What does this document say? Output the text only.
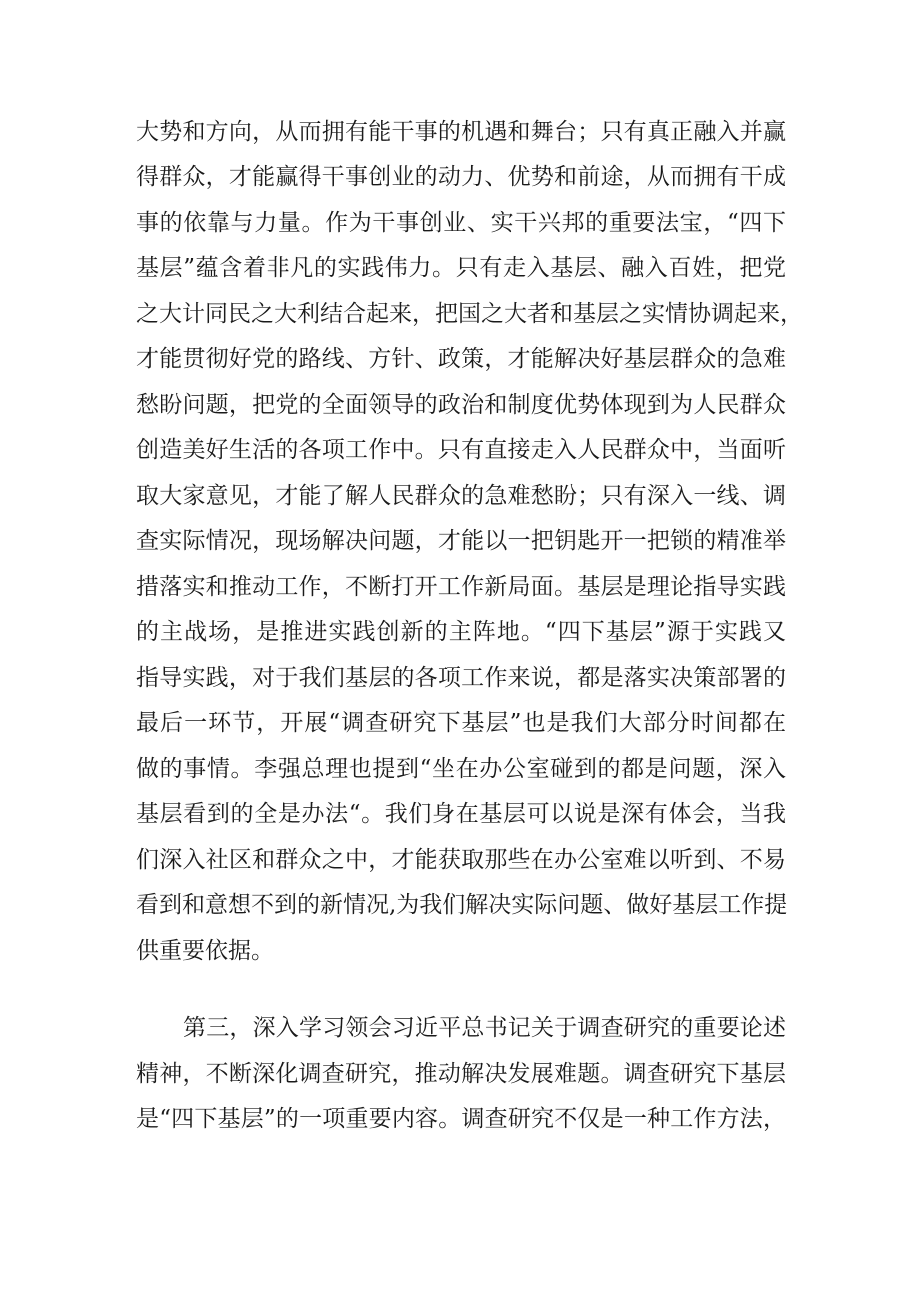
大势和方向，从而拥有能干事的机遇和舞台；只有真正融入并赢
得群众，才能赢得干事创业的动力、优势和前途，从而拥有干成
事的依靠与力量。作为干事创业、实干兴邦的重要法宝，“四下
基层”蕴含着非凡的实践伟力。只有走入基层、融入百姓，把党
之大计同民之大利结合起来，把国之大者和基层之实情协调起来，
才能贯彻好党的路线、方针、政策，才能解决好基层群众的急难
愁盼问题，把党的全面领导的政治和制度优势体现到为人民群众
创造美好生活的各项工作中。只有直接走入人民群众中，当面听
取大家意见，才能了解人民群众的急难愁盼；只有深入一线、调
查实际情况，现场解决问题，才能以一把钥匙开一把锁的精准举
措落实和推动工作，不断打开工作新局面。基层是理论指导实践
的主战场，是推进实践创新的主阵地。“四下基层”源于实践又
指导实践，对于我们基层的各项工作来说，都是落实决策部署的
最后一环节，开展“调查研究下基层”也是我们大部分时间都在
做的事情。李强总理也提到“坐在办公室碰到的都是问题，深入
基层看到的全是办法“。我们身在基层可以说是深有体会，当我
们深入社区和群众之中，才能获取那些在办公室难以听到、不易
看到和意想不到的新情况,为我们解决实际问题、做好基层工作提
供重要依据。
第三，深入学习领会习近平总书记关于调查研究的重要论述
精神，不断深化调查研究，推动解决发展难题。调查研究下基层
是“四下基层”的一项重要内容。调查研究不仅是一种工作方法，
